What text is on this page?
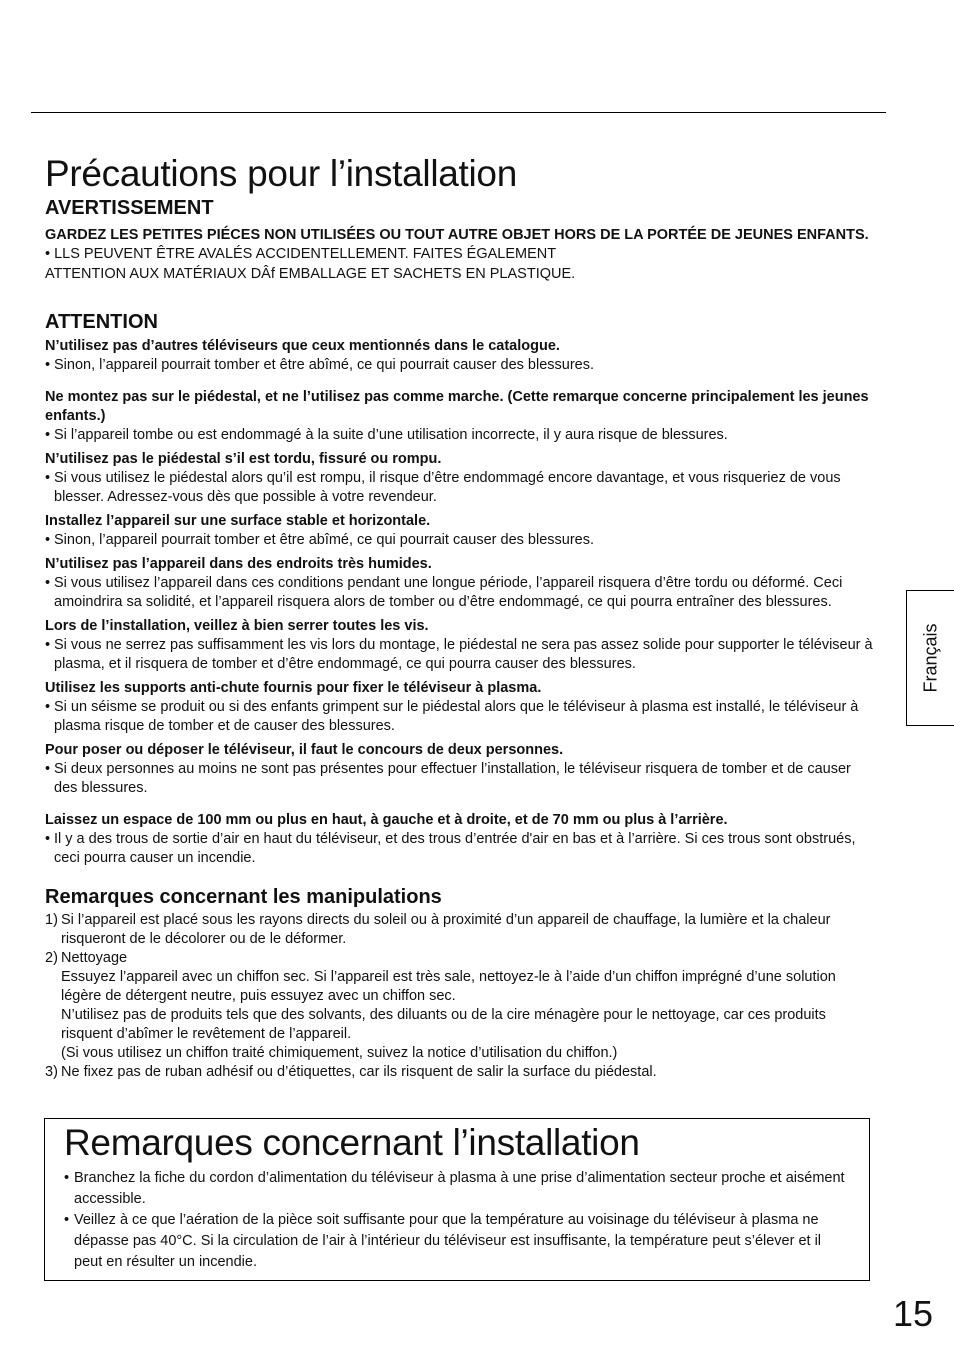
Précautions pour l’installation
AVERTISSEMENT
GARDEZ LES PETITES PIÉCES NON UTILISÉES OU TOUT AUTRE OBJET HORS DE LA PORTÉE DE JEUNES ENFANTS.
• LLS PEUVENT ÊTRE AVALÉS ACCIDENTELLEMENT. FAITES ÉGALEMENT
ATTENTION AUX MATÉRIAUX DÂf EMBALLAGE ET SACHETS EN PLASTIQUE.
ATTENTION
N’utilisez pas d’autres téléviseurs que ceux mentionnés dans le catalogue.
• Sinon, l’appareil pourrait tomber et être abîmé, ce qui pourrait causer des blessures.
Ne montez pas sur le piédestal, et ne l’utilisez pas comme marche. (Cette remarque concerne principalement les jeunes enfants.)
• Si l’appareil tombe ou est endommagé à la suite d’une utilisation incorrecte, il y aura risque de blessures.
N’utilisez pas le piédestal s’il est tordu, fissuré ou rompu.
• Si vous utilisez le piédestal alors qu’il est rompu, il risque d’être endommagé encore davantage, et vous risqueriez de vous blesser. Adressez-vous dès que possible à votre revendeur.
Installez l’appareil sur une surface stable et horizontale.
• Sinon, l’appareil pourrait tomber et être abîmé, ce qui pourrait causer des blessures.
N’utilisez pas l’appareil dans des endroits très humides.
• Si vous utilisez l’appareil dans ces conditions pendant une longue période, l’appareil risquera d’être tordu ou déformé. Ceci amoindrira sa solidité, et l’appareil risquera alors de tomber ou d’être endommagé, ce qui pourra entraîner des blessures.
Lors de l’installation, veillez à bien serrer toutes les vis.
• Si vous ne serrez pas suffisamment les vis lors du montage, le piédestal ne sera pas assez solide pour supporter le téléviseur à plasma, et il risquera de tomber et d’être endommagé, ce qui pourra causer des blessures.
Utilisez les supports anti-chute fournis pour fixer le téléviseur à plasma.
• Si un séisme se produit ou si des enfants grimpent sur le piédestal alors que le téléviseur à plasma est installé, le téléviseur à plasma risque de tomber et de causer des blessures.
Pour poser ou déposer le téléviseur, il faut le concours de deux personnes.
• Si deux personnes au moins ne sont pas présentes pour effectuer l’installation, le téléviseur risquera de tomber et de causer des blessures.
Laissez un espace de 100 mm ou plus en haut, à gauche et à droite, et de 70 mm ou plus à l’arrière.
• Il y a des trous de sortie d’air en haut du téléviseur, et des trous d’entrée d'air en bas et à l’arrière. Si ces trous sont obstrués, ceci pourra causer un incendie.
Remarques concernant les manipulations
1) Si l’appareil est placé sous les rayons directs du soleil ou à proximité d’un appareil de chauffage, la lumière et la chaleur risqueront de le décolorer ou de le déformer.
2) Nettoyage
Essuyez l’appareil avec un chiffon sec. Si l’appareil est très sale, nettoyez-le à l’aide d’un chiffon imprégné d’une solution légère de détergent neutre, puis essuyez avec un chiffon sec.
N’utilisez pas de produits tels que des solvants, des diluants ou de la cire ménagère pour le nettoyage, car ces produits risquent d’abîmer le revêtement de l’appareil.
(Si vous utilisez un chiffon traité chimiquement, suivez la notice d’utilisation du chiffon.)
3) Ne fixez pas de ruban adhésif ou d’étiquettes, car ils risquent de salir la surface du piédestal.
Remarques concernant l’installation
• Branchez la fiche du cordon d’alimentation du téléviseur à plasma à une prise d’alimentation secteur proche et aisément accessible.
• Veillez à ce que l’aération de la pièce soit suffisante pour que la température au voisinage du téléviseur à plasma ne dépasse pas 40°C. Si la circulation de l’air à l’intérieur du téléviseur est insuffisante, la température peut s’élever et il peut en résulter un incendie.
Français
15
